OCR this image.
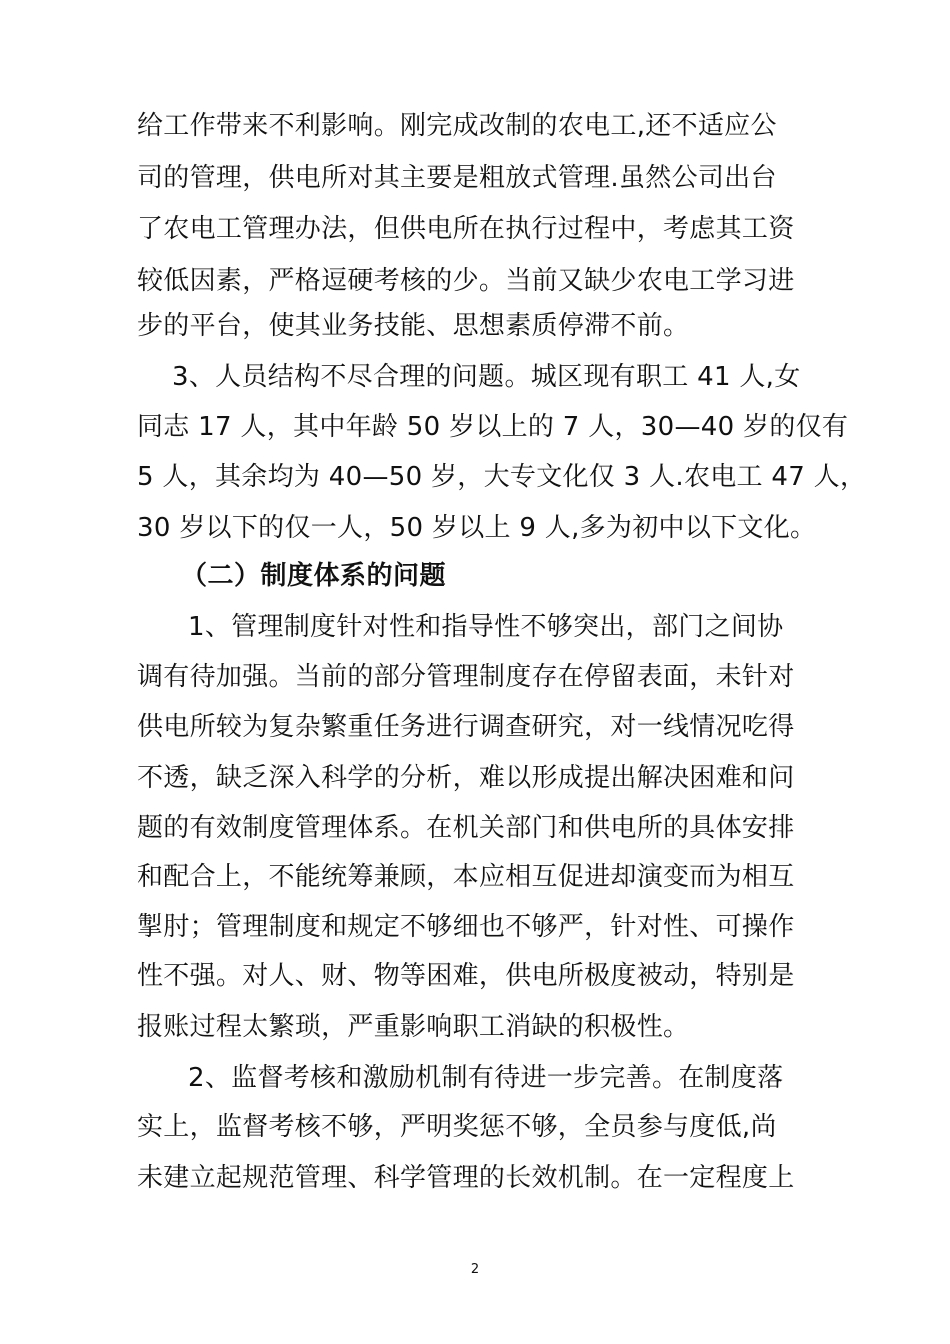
给工作带来不利影响。刚完成改制的农电工,还不适应公
司的管理，供电所对其主要是粗放式管理.虽然公司出台
了农电工管理办法，但供电所在执行过程中，考虑其工资
较低因素，严格逗硬考核的少。当前又缺少农电工学习进
步的平台，使其业务技能、思想素质停滞不前。
3、人员结构不尽合理的问题。城区现有职工 41 人,女
同志 17 人，其中年龄 50 岁以上的 7 人，30—40 岁的仅有
5 人，其余均为 40—50 岁，大专文化仅 3 人.农电工 47 人，
30 岁以下的仅一人，50 岁以上 9 人,多为初中以下文化。
（二）制度体系的问题
1、管理制度针对性和指导性不够突出，部门之间协
调有待加强。当前的部分管理制度存在停留表面，未针对
供电所较为复杂繁重任务进行调查研究，对一线情况吃得
不透，缺乏深入科学的分析，难以形成提出解决困难和问
题的有效制度管理体系。在机关部门和供电所的具体安排
和配合上，不能统筹兼顾，本应相互促进却演变而为相互
掣肘；管理制度和规定不够细也不够严，针对性、可操作
性不强。对人、财、物等困难，供电所极度被动，特别是
报账过程太繁琐，严重影响职工消缺的积极性。
2、监督考核和激励机制有待进一步完善。在制度落
实上，监督考核不够，严明奖惩不够，全员参与度低,尚
未建立起规范管理、科学管理的长效机制。在一定程度上
2
